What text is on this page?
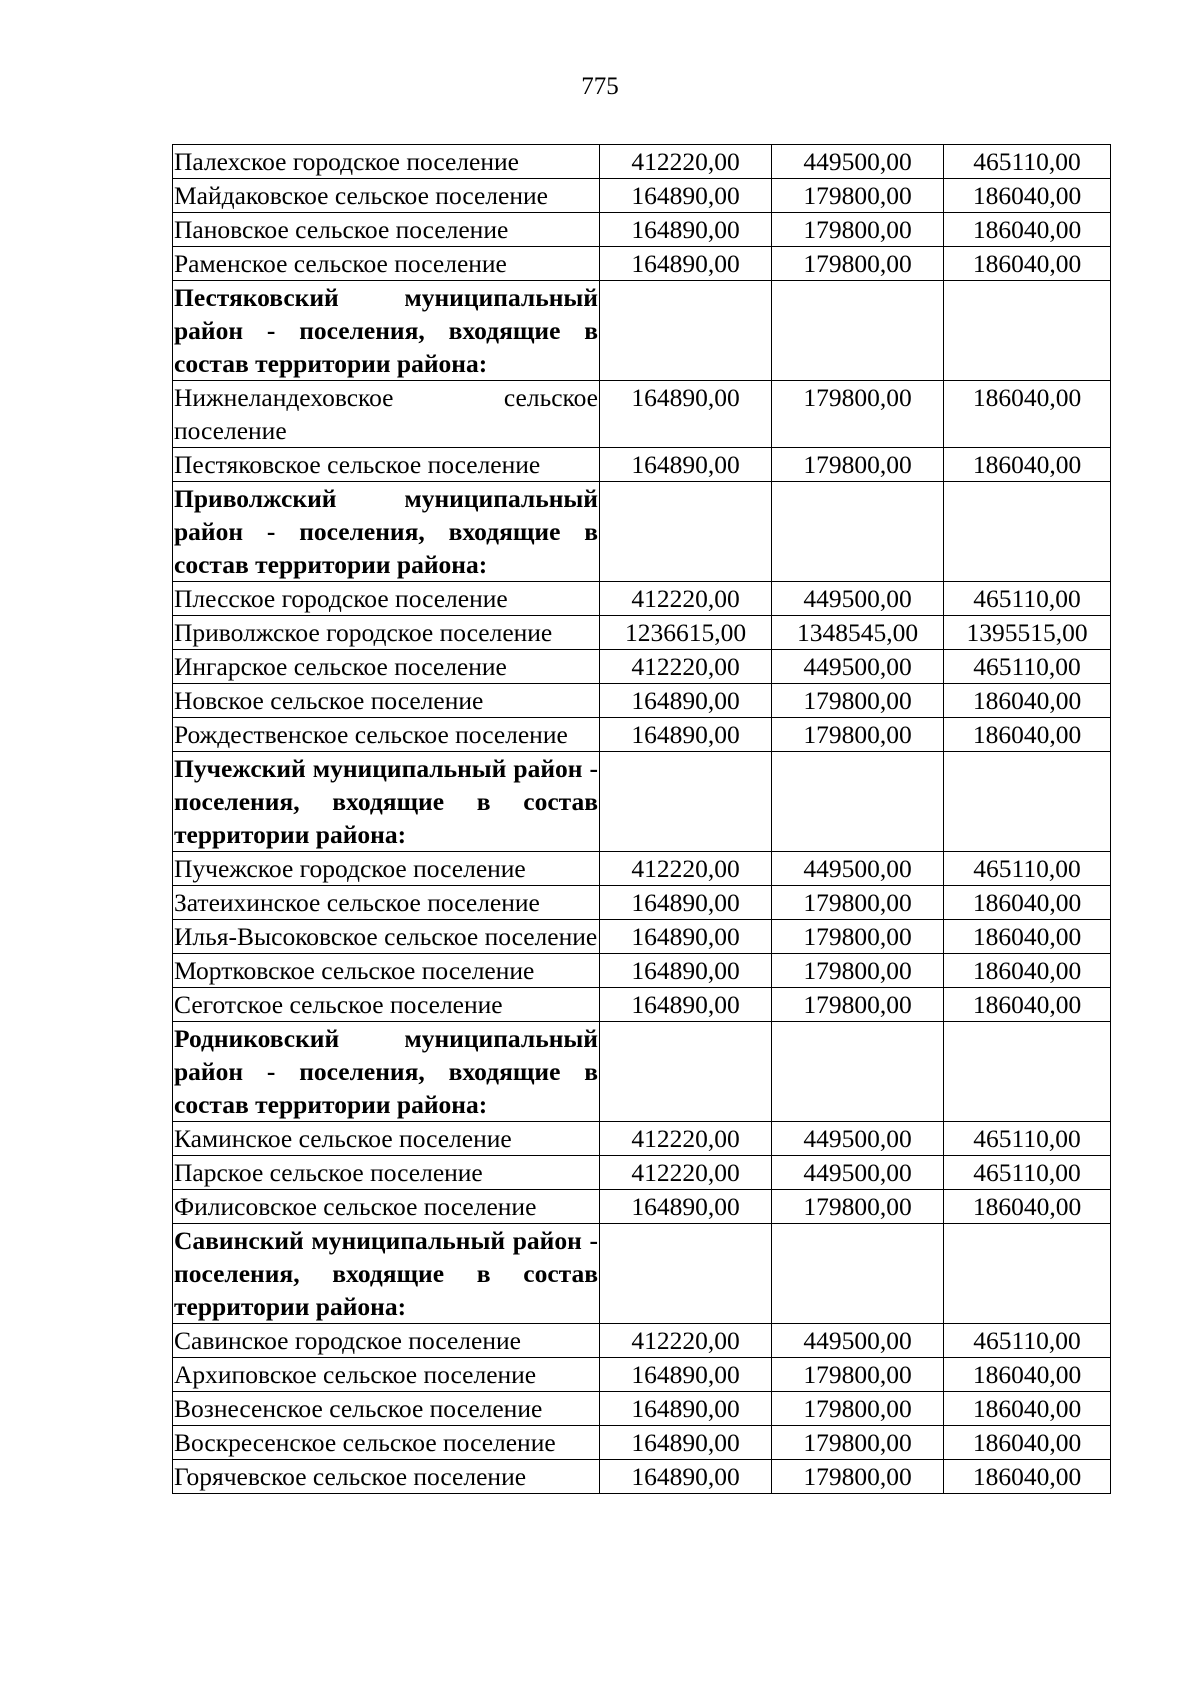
775
Палехское городское поселение	412220,00	449500,00	465110,00
Майдаковское сельское поселение	164890,00	179800,00	186040,00
Пановское сельское поселение	164890,00	179800,00	186040,00
Раменское сельское поселение	164890,00	179800,00	186040,00
Пестяковский муниципальный район - поселения, входящие в состав территории района:			
Нижнеландеховское сельское поселение	164890,00	179800,00	186040,00
Пестяковское сельское поселение	164890,00	179800,00	186040,00
Приволжский муниципальный район - поселения, входящие в состав территории района:			
Плесское городское поселение	412220,00	449500,00	465110,00
Приволжское городское поселение	1236615,00	1348545,00	1395515,00
Ингарское сельское поселение	412220,00	449500,00	465110,00
Новское сельское поселение	164890,00	179800,00	186040,00
Рождественское сельское поселение	164890,00	179800,00	186040,00
Пучежский муниципальный район - поселения, входящие в состав территории района:			
Пучежское городское поселение	412220,00	449500,00	465110,00
Затеихинское сельское поселение	164890,00	179800,00	186040,00
Илья-Высоковское сельское поселение	164890,00	179800,00	186040,00
Мортковское сельское поселение	164890,00	179800,00	186040,00
Сеготское сельское поселение	164890,00	179800,00	186040,00
Родниковский муниципальный район - поселения, входящие в состав территории района:			
Каминское сельское поселение	412220,00	449500,00	465110,00
Парское сельское поселение	412220,00	449500,00	465110,00
Филисовское сельское поселение	164890,00	179800,00	186040,00
Савинский муниципальный район - поселения, входящие в состав территории района:			
Савинское городское поселение	412220,00	449500,00	465110,00
Архиповское сельское поселение	164890,00	179800,00	186040,00
Вознесенское сельское поселение	164890,00	179800,00	186040,00
Воскресенское сельское поселение	164890,00	179800,00	186040,00
Горячевское сельское поселение	164890,00	179800,00	186040,00
